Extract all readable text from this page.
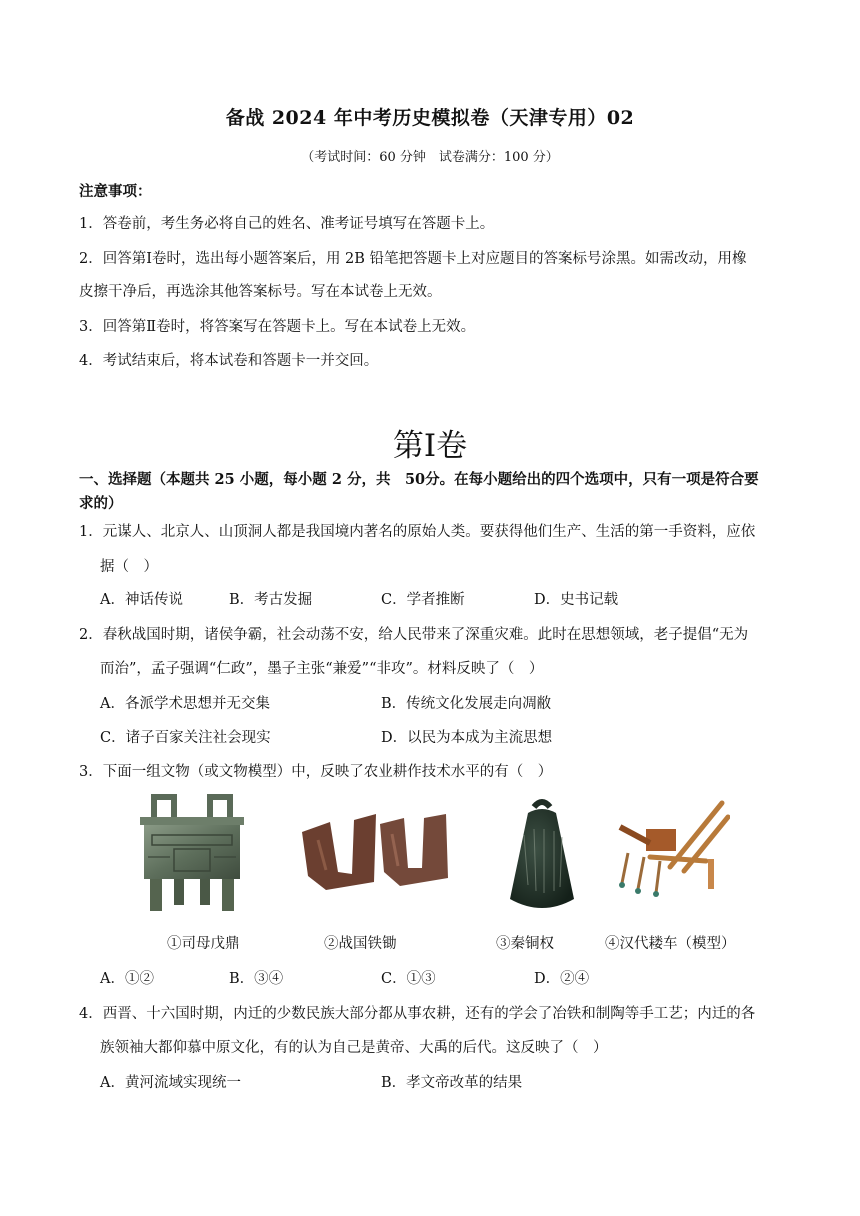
备战 2024 年中考历史模拟卷（天津专用）02
（考试时间：60 分钟　试卷满分：100 分）
注意事项：
1．答卷前，考生务必将自己的姓名、准考证号填写在答题卡上。
2．回答第Ⅰ卷时，选出每小题答案后，用 2B 铅笔把答题卡上对应题目的答案标号涂黑。如需改动，用橡
皮擦干净后，再选涂其他答案标号。写在本试卷上无效。
3．回答第Ⅱ卷时，将答案写在答题卡上。写在本试卷上无效。
4．考试结束后，将本试卷和答题卡一并交回。
第Ⅰ卷
一、选择题（本题共 25 小题，每小题 2 分，共　50分。在每小题给出的四个选项中，只有一项是符合要
求的）
1．元谋人、北京人、山顶洞人都是我国境内著名的原始人类。要获得他们生产、生活的第一手资料，应依
据（　）
A．神话传说	B．考古发掘	C．学者推断	D．史书记载
2．春秋战国时期，诸侯争霸，社会动荡不安，给人民带来了深重灾难。此时在思想领域，老子提倡“无为
而治”，孟子强调“仁政”，墨子主张“兼爱”“非攻”。材料反映了（　）
A．各派学术思想并无交集	B．传统文化发展走向凋敝
C．诸子百家关注社会现实	D．以民为本成为主流思想
3．下面一组文物（或文物模型）中，反映了农业耕作技术水平的有（　）
①司母戊鼎	②战国铁锄	③秦铜权	④汉代耧车（模型）
A．①②	B．③④	C．①③	D．②④
4．西晋、十六国时期，内迁的少数民族大部分都从事农耕，还有的学会了冶铁和制陶等手工艺；内迁的各
族领袖大都仰慕中原文化，有的认为自己是黄帝、大禹的后代。这反映了（　）
A．黄河流域实现统一	B．孝文帝改革的结果
